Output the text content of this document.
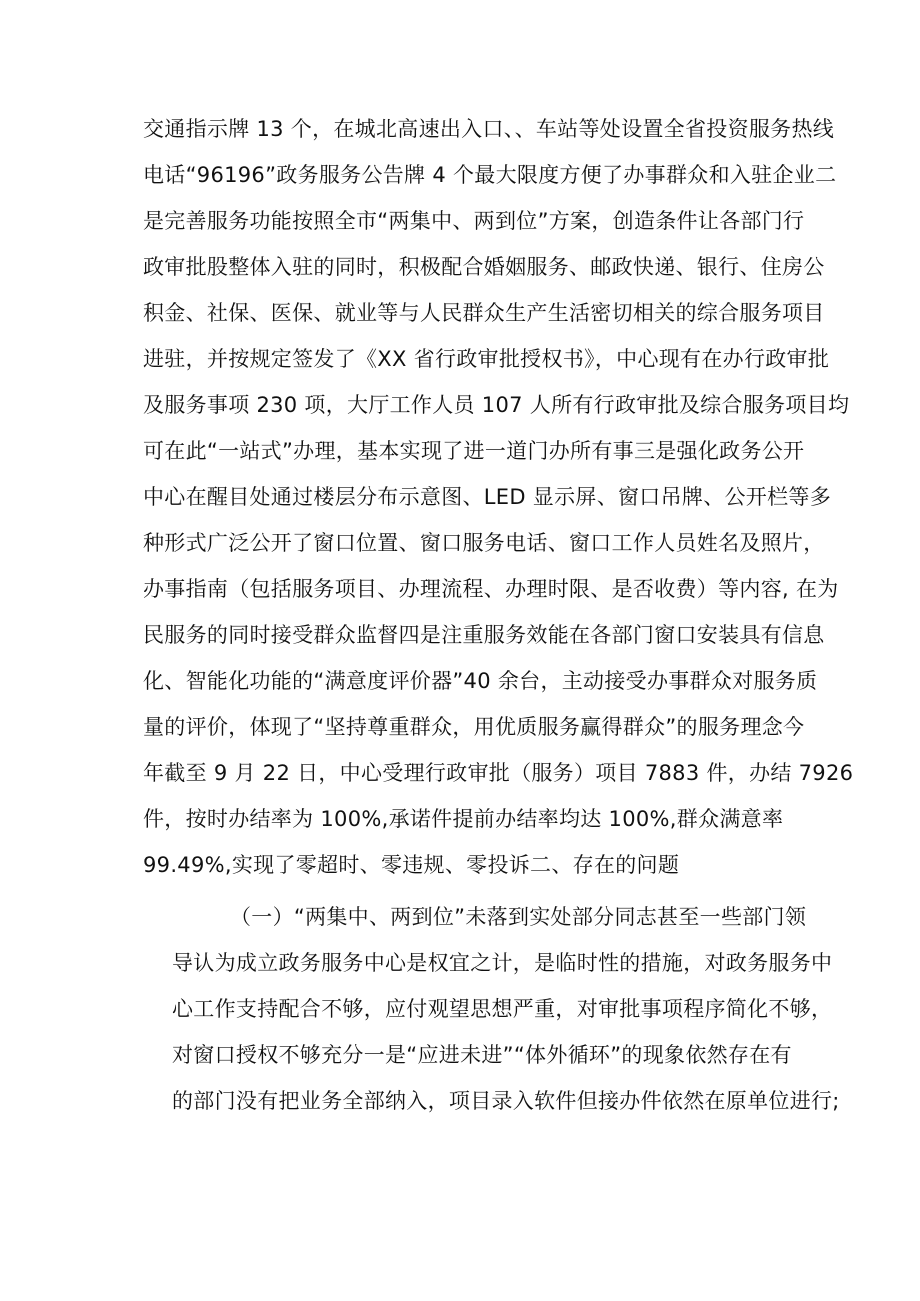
交通指示牌 13 个，在城北高速出入口、、车站等处设置全省投资服务热线
电话“96196”政务服务公告牌 4 个最大限度方便了办事群众和入驻企业二
是完善服务功能按照全市“两集中、两到位”方案，创造条件让各部门行
政审批股整体入驻的同时，积极配合婚姻服务、邮政快递、银行、住房公
积金、社保、医保、就业等与人民群众生产生活密切相关的综合服务项目
进驻，并按规定签发了《XX 省行政审批授权书》，中心现有在办行政审批
及服务事项 230 项，大厅工作人员 107 人所有行政审批及综合服务项目均
可在此“一站式”办理，基本实现了进一道门办所有事三是强化政务公开
中心在醒目处通过楼层分布示意图、LED 显示屏、窗口吊牌、公开栏等多
种形式广泛公开了窗口位置、窗口服务电话、窗口工作人员姓名及照片，
办事指南（包括服务项目、办理流程、办理时限、是否收费）等内容, 在为
民服务的同时接受群众监督四是注重服务效能在各部门窗口安装具有信息
化、智能化功能的“满意度评价器”40 余台，主动接受办事群众对服务质
量的评价，体现了“坚持尊重群众，用优质服务赢得群众”的服务理念今
年截至 9 月 22 日，中心受理行政审批（服务）项目 7883 件，办结 7926
件，按时办结率为 100%,承诺件提前办结率均达 100%,群众满意率
99.49%,实现了零超时、零违规、零投诉二、存在的问题
（一）“两集中、两到位”未落到实处部分同志甚至一些部门领
导认为成立政务服务中心是权宜之计，是临时性的措施，对政务服务中
心工作支持配合不够，应付观望思想严重，对审批事项程序简化不够，
对窗口授权不够充分一是“应进未进”“体外循环”的现象依然存在有
的部门没有把业务全部纳入，项目录入软件但接办件依然在原单位进行;
